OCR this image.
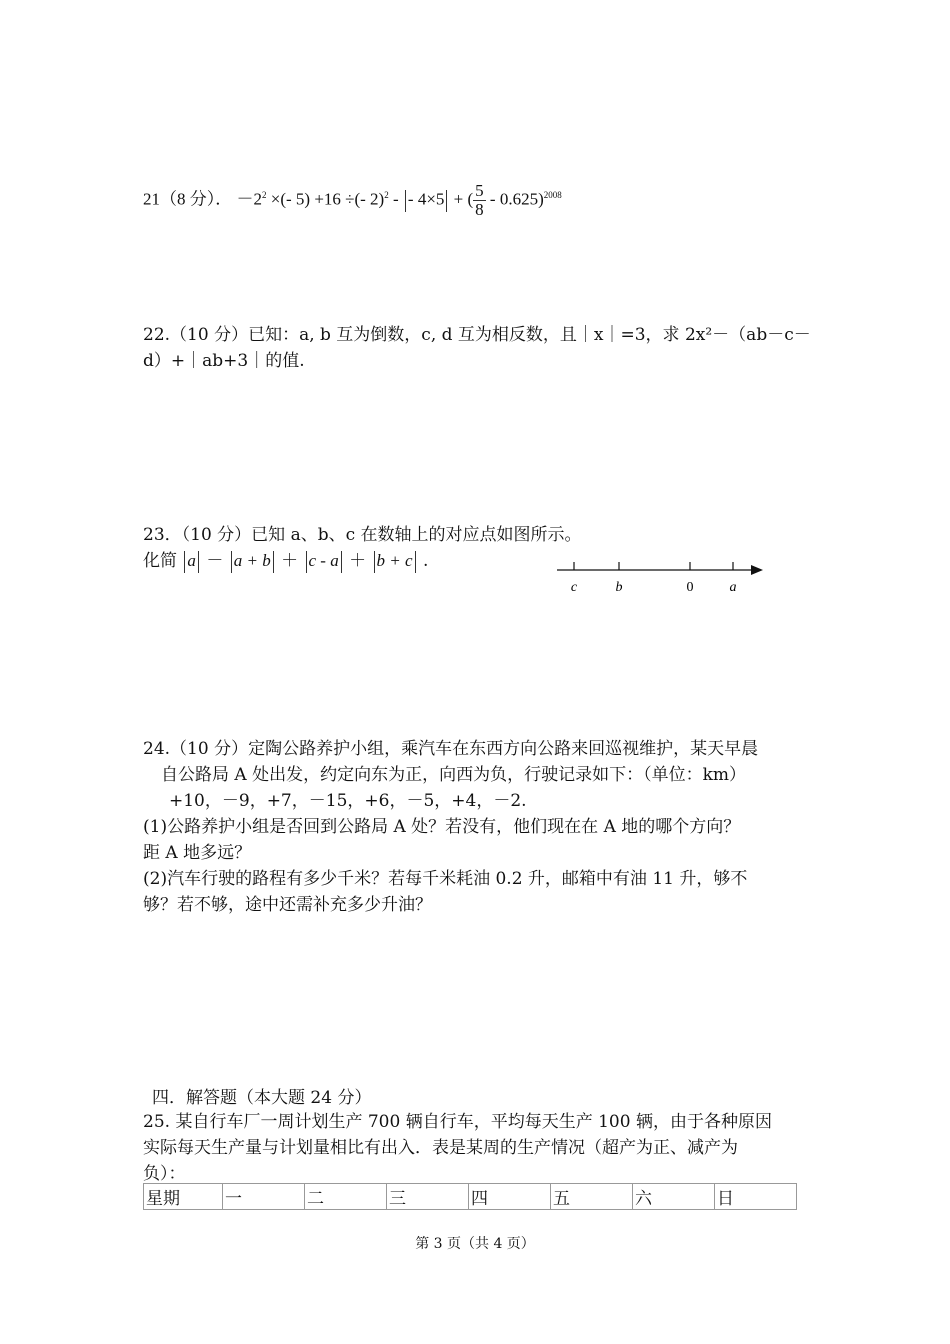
21（8 分）． $-2^2$ ×(- 5) +16 ÷(- 2)$^2$ - - 4×5 + ( $\frac{5}{8} - 0.625)^{2008}$
22.（10 分）已知：a, b 互为倒数，c, d 互为相反数，且｜x｜=3，求 2x²－（ab－c－
d）+｜ab+3｜的值.
23．（10 分）已知 a、b、c 在数轴上的对应点如图所示。
化简 a － a + b ＋ c - a ＋ b + c .
c	b	0	a
24.（10 分）定陶公路养护小组，乘汽车在东西方向公路来回巡视维护，某天早晨
自公路局 A 处出发，约定向东为正，向西为负，行驶记录如下：（单位：km）
+10，－9，+7，－15，+6，－5，+4，－2.
(1)公路养护小组是否回到公路局 A 处？若没有，他们现在在 A 地的哪个方向？
距 A 地多远？
(2)汽车行驶的路程有多少千米？若每千米耗油 0.2 升，邮箱中有油 11 升，够不
够？若不够，途中还需补充多少升油？
四．解答题（本大题 24 分）
25. 某自行车厂一周计划生产 700 辆自行车，平均每天生产 100 辆，由于各种原因
实际每天生产量与计划量相比有出入．表是某周的生产情况（超产为正、减产为
负）：
星期	一	二	三	四	五	六	日
第 3 页（共 4 页）
